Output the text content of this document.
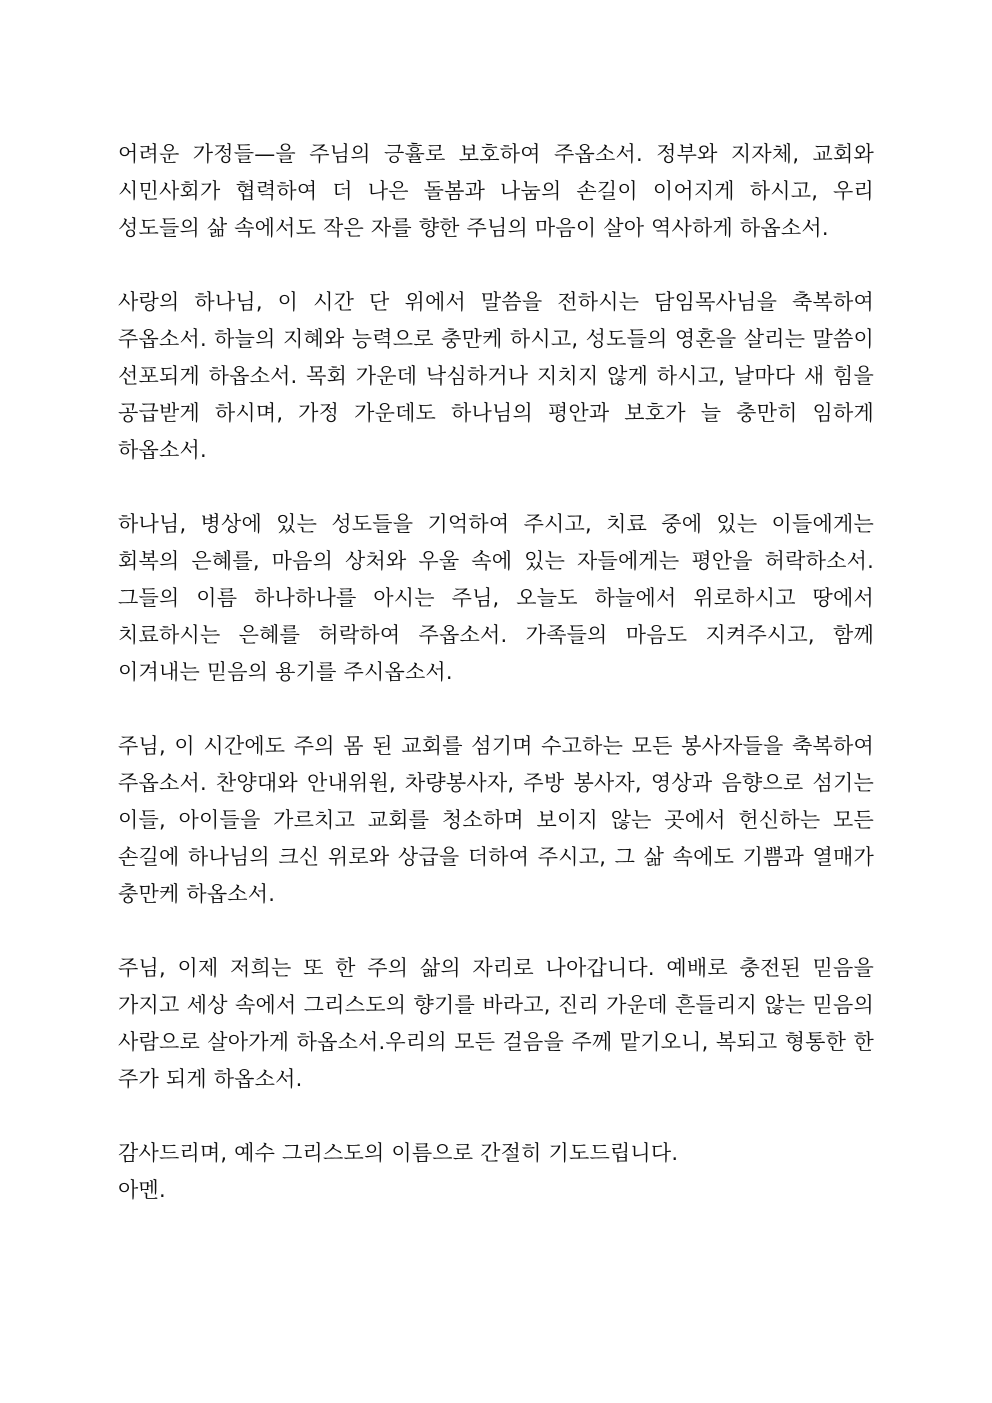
어려운 가정들—을 주님의 긍휼로 보호하여 주옵소서. 정부와 지자체, 교회와 시민사회가 협력하여 더 나은 돌봄과 나눔의 손길이 이어지게 하시고, 우리 성도들의 삶 속에서도 작은 자를 향한 주님의 마음이 살아 역사하게 하옵소서.

사랑의 하나님, 이 시간 단 위에서 말씀을 전하시는 담임목사님을 축복하여 주옵소서. 하늘의 지혜와 능력으로 충만케 하시고, 성도들의 영혼을 살리는 말씀이 선포되게 하옵소서. 목회 가운데 낙심하거나 지치지 않게 하시고, 날마다 새 힘을 공급받게 하시며, 가정 가운데도 하나님의 평안과 보호가 늘 충만히 임하게 하옵소서.

하나님, 병상에 있는 성도들을 기억하여 주시고, 치료 중에 있는 이들에게는 회복의 은혜를, 마음의 상처와 우울 속에 있는 자들에게는 평안을 허락하소서. 그들의 이름 하나하나를 아시는 주님, 오늘도 하늘에서 위로하시고 땅에서 치료하시는 은혜를 허락하여 주옵소서. 가족들의 마음도 지켜주시고, 함께 이겨내는 믿음의 용기를 주시옵소서.

주님, 이 시간에도 주의 몸 된 교회를 섬기며 수고하는 모든 봉사자들을 축복하여 주옵소서. 찬양대와 안내위원, 차량봉사자, 주방 봉사자, 영상과 음향으로 섬기는 이들, 아이들을 가르치고 교회를 청소하며 보이지 않는 곳에서 헌신하는 모든 손길에 하나님의 크신 위로와 상급을 더하여 주시고, 그 삶 속에도 기쁨과 열매가 충만케 하옵소서.

주님, 이제 저희는 또 한 주의 삶의 자리로 나아갑니다. 예배로 충전된 믿음을 가지고 세상 속에서 그리스도의 향기를 바라고, 진리 가운데 흔들리지 않는 믿음의 사람으로 살아가게 하옵소서.우리의 모든 걸음을 주께 맡기오니, 복되고 형통한 한 주가 되게 하옵소서.

감사드리며, 예수 그리스도의 이름으로 간절히 기도드립니다.

아멘.
